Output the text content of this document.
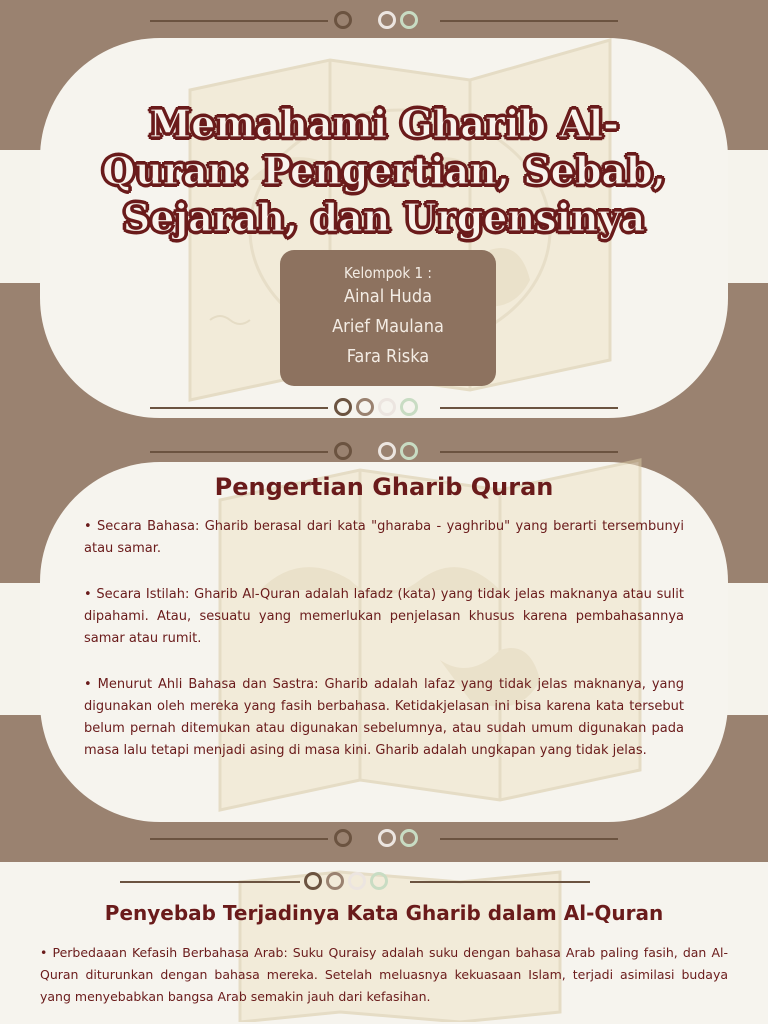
Memahami Gharib Al-Quran: Pengertian, Sebab, Sejarah, dan Urgensinya
Kelompok 1 :
Ainal Huda
Arief Maulana
Fara Riska
Pengertian Gharib Quran
• Secara Bahasa: Gharib berasal dari kata "gharaba - yaghribu" yang berarti tersembunyi atau samar.
• Secara Istilah: Gharib Al-Quran adalah lafadz (kata) yang tidak jelas maknanya atau sulit dipahami. Atau, sesuatu yang memerlukan penjelasan khusus karena pembahasannya samar atau rumit.
• Menurut Ahli Bahasa dan Sastra: Gharib adalah lafaz yang tidak jelas maknanya, yang digunakan oleh mereka yang fasih berbahasa. Ketidakjelasan ini bisa karena kata tersebut belum pernah ditemukan atau digunakan sebelumnya, atau sudah umum digunakan pada masa lalu tetapi menjadi asing di masa kini. Gharib adalah ungkapan yang tidak jelas.
Penyebab Terjadinya Kata Gharib dalam Al-Quran
• Perbedaaan Kefasih Berbahasa Arab: Suku Quraisy adalah suku dengan bahasa Arab paling fasih, dan Al-Quran diturunkan dengan bahasa mereka. Setelah meluasnya kekuasaan Islam, terjadi asimilasi budaya yang menyebabkan bangsa Arab semakin jauh dari kefasihan.
